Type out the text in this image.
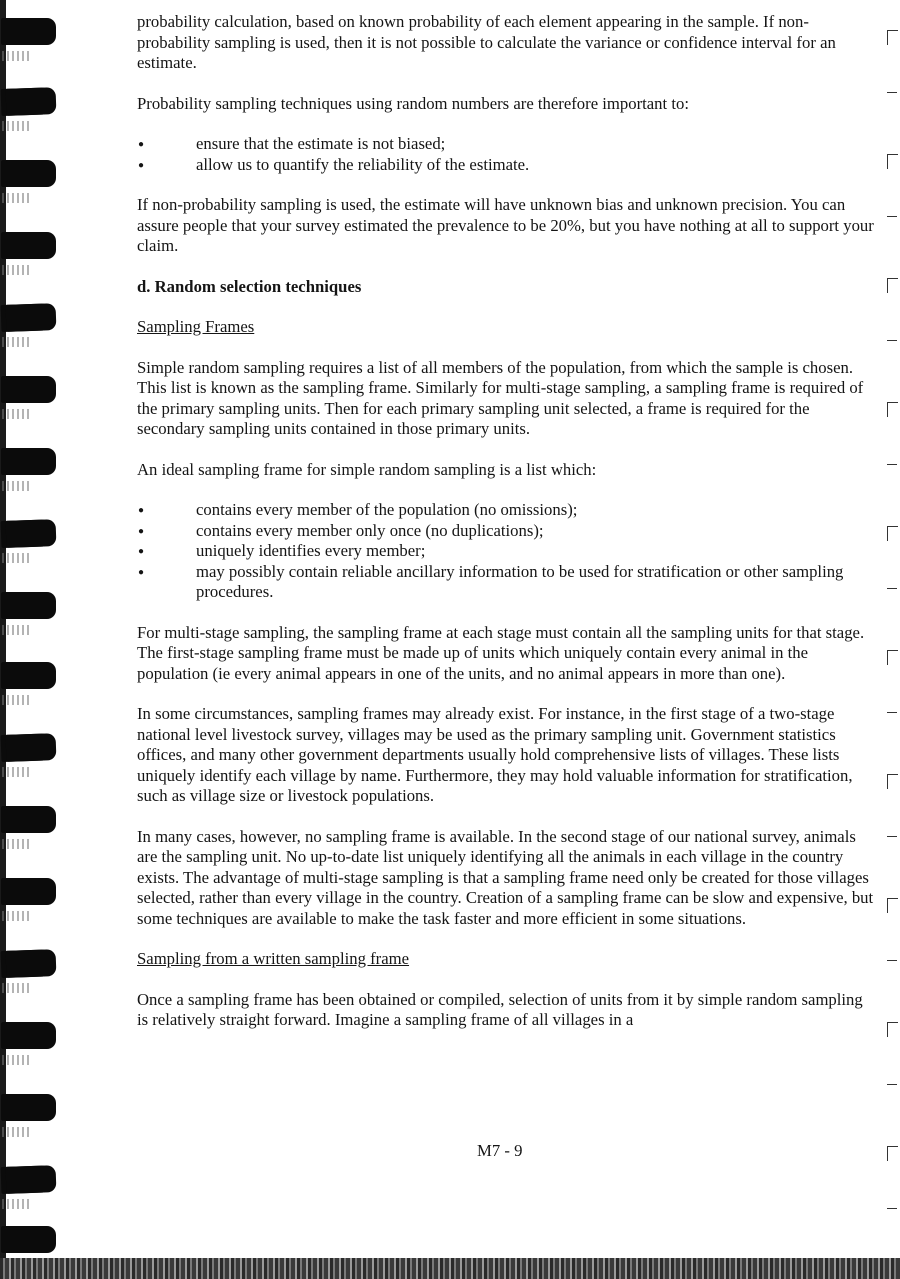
probability calculation, based on known probability of each element appearing in the sample. If non-probability sampling is used, then it is not possible to calculate the variance or confidence interval for an estimate.

Probability sampling techniques using random numbers are therefore important to:

● ensure that the estimate is not biased;
● allow us to quantify the reliability of the estimate.

If non-probability sampling is used, the estimate will have unknown bias and unknown precision. You can assure people that your survey estimated the prevalence to be 20%, but you have nothing at all to support your claim.

d. Random selection techniques

Sampling Frames

Simple random sampling requires a list of all members of the population, from which the sample is chosen. This list is known as the sampling frame. Similarly for multi-stage sampling, a sampling frame is required of the primary sampling units. Then for each primary sampling unit selected, a frame is required for the secondary sampling units contained in those primary units.

An ideal sampling frame for simple random sampling is a list which:

● contains every member of the population (no omissions);
● contains every member only once (no duplications);
● uniquely identifies every member;
● may possibly contain reliable ancillary information to be used for stratification or other sampling procedures.

For multi-stage sampling, the sampling frame at each stage must contain all the sampling units for that stage. The first-stage sampling frame must be made up of units which uniquely contain every animal in the population (ie every animal appears in one of the units, and no animal appears in more than one).

In some circumstances, sampling frames may already exist. For instance, in the first stage of a two-stage national level livestock survey, villages may be used as the primary sampling unit. Government statistics offices, and many other government departments usually hold comprehensive lists of villages. These lists uniquely identify each village by name. Furthermore, they may hold valuable information for stratification, such as village size or livestock populations.

In many cases, however, no sampling frame is available. In the second stage of our national survey, animals are the sampling unit. No up-to-date list uniquely identifying all the animals in each village in the country exists. The advantage of multi-stage sampling is that a sampling frame need only be created for those villages selected, rather than every village in the country. Creation of a sampling frame can be slow and expensive, but some techniques are available to make the task faster and more efficient in some situations.

Sampling from a written sampling frame

Once a sampling frame has been obtained or compiled, selection of units from it by simple random sampling is relatively straight forward. Imagine a sampling frame of all villages in a

M7 - 9
